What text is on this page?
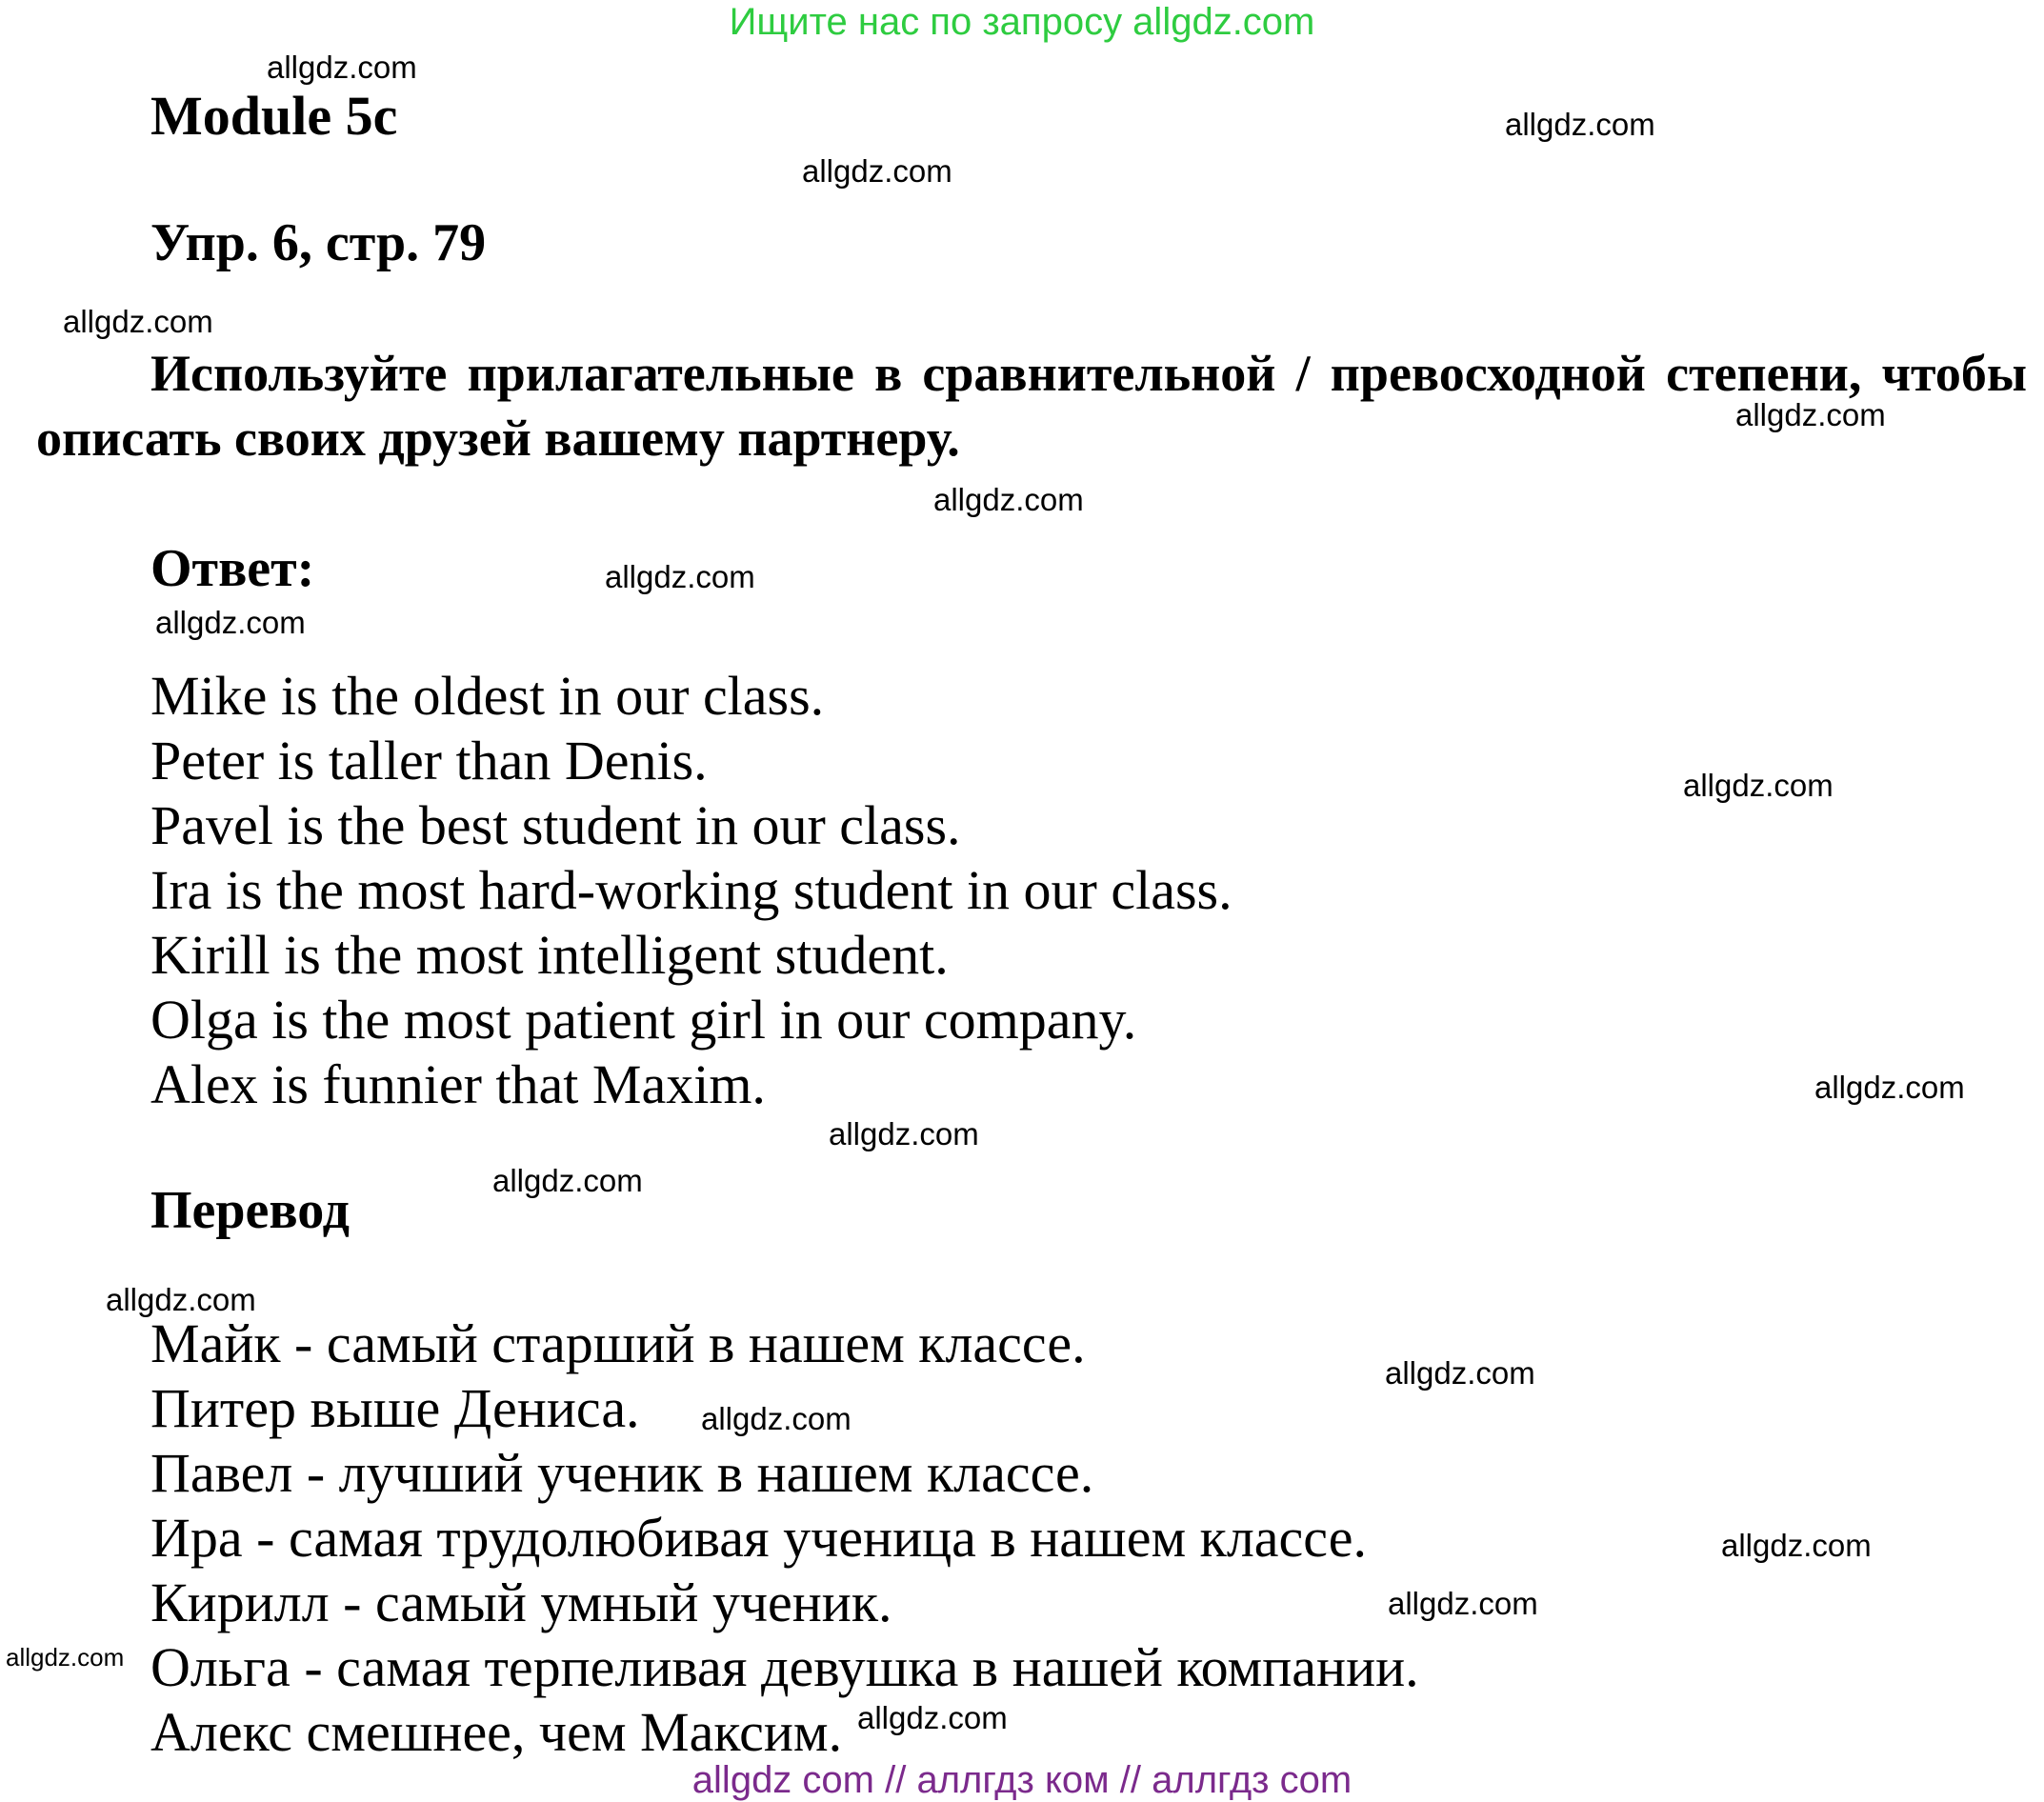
Ищите нас по запросу allgdz.com
Module 5c
Упр. 6, стр. 79
Используйте прилагательные в сравнительной / превосходной степени, чтобы описать своих друзей вашему партнеру.
Ответ:
Mike is the oldest in our class.
Peter is taller than Denis.
Pavel is the best student in our class.
Ira is the most hard-working student in our class.
Kirill is the most intelligent student.
Olga is the most patient girl in our company.
Alex is funnier that Maxim.
Перевод
Майк - самый старший в нашем классе.
Питер выше Дениса.
Павел - лучший ученик в нашем классе.
Ира - самая трудолюбивая ученица в нашем классе.
Кирилл - самый умный ученик.
Ольга - самая терпеливая девушка в нашей компании.
Алекс смешнее, чем Максим.
allgdz.com
allgdz.com
allgdz.com
allgdz.com
allgdz.com
allgdz.com
allgdz.com
allgdz.com
allgdz.com
allgdz.com
allgdz.com
allgdz.com
allgdz.com
allgdz.com
allgdz.com
allgdz.com
allgdz.com
allgdz.com
allgdz.com
allgdz com // аллгдз ком // аллгдз com
